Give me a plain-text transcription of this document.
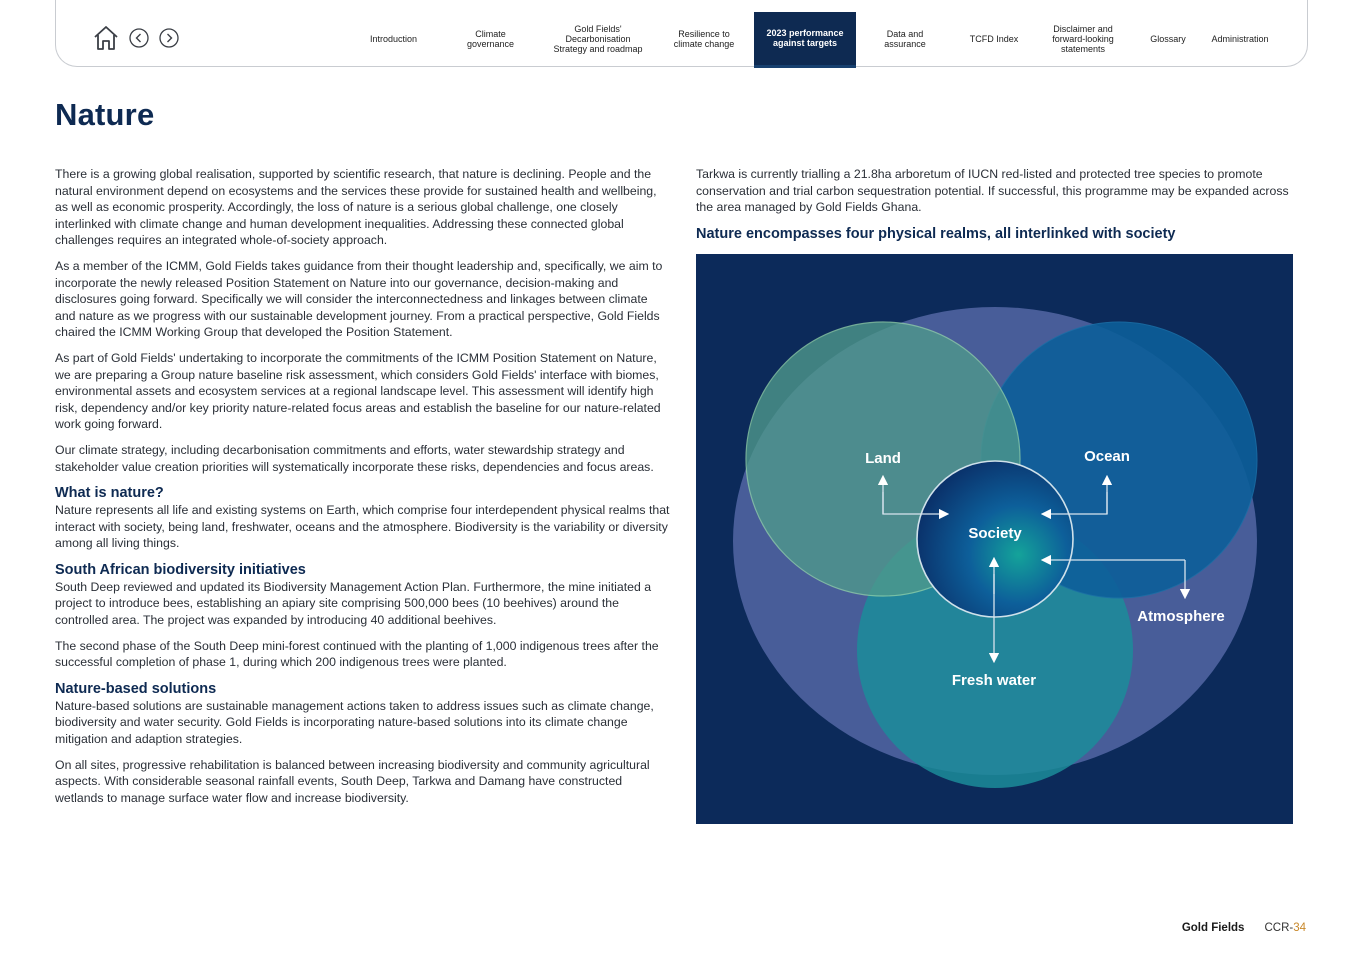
Introduction	Climate governance
Gold Fields' Decarbonisation Strategy and roadmap
Resilience to climate change
2023 performance against targets
Data and assurance	TCFD Index
Disclaimer and forward-looking statements
Glossary	Administration
Nature

There is a growing global realisation, supported by scientific research, that nature is declining. People and the natural environment depend on ecosystems and the services these provide for sustained health and wellbeing, as well as economic prosperity. Accordingly, the loss of nature is a serious global challenge, one closely interlinked with climate change and human development inequalities. Addressing these connected global challenges requires an integrated whole-of-society approach.

As a member of the ICMM, Gold Fields takes guidance from their thought leadership and, specifically, we aim to incorporate the newly released Position Statement on Nature into our governance, decision-making and disclosures going forward. Specifically we will consider the interconnectedness and linkages between climate and nature as we progress with our sustainable development journey. From a practical perspective, Gold Fields chaired the ICMM Working Group that developed the Position Statement.

As part of Gold Fields' undertaking to incorporate the commitments of the ICMM Position Statement on Nature, we are preparing a Group nature baseline risk assessment, which considers Gold Fields' interface with biomes, environmental assets and ecosystem services at a regional landscape level. This assessment will identify high risk, dependency and/or key priority nature-related focus areas and establish the baseline for our nature-related work going forward.

Our climate strategy, including decarbonisation commitments and efforts, water stewardship strategy and stakeholder value creation priorities will systematically incorporate these risks, dependencies and focus areas.

What is nature?

Nature represents all life and existing systems on Earth, which comprise four interdependent physical realms that interact with society, being land, freshwater, oceans and the atmosphere. Biodiversity is the variability or diversity among all living things.

South African biodiversity initiatives

South Deep reviewed and updated its Biodiversity Management Action Plan. Furthermore, the mine initiated a project to introduce bees, establishing an apiary site comprising 500,000 bees (10 beehives) around the controlled area. The project was expanded by introducing 40 additional beehives.

The second phase of the South Deep mini-forest continued with the planting of 1,000 indigenous trees after the successful completion of phase 1, during which 200 indigenous trees were planted.

Nature-based solutions

Nature-based solutions are sustainable management actions taken to address issues such as climate change, biodiversity and water security. Gold Fields is incorporating nature-based solutions into its climate change mitigation and adaption strategies.

On all sites, progressive rehabilitation is balanced between increasing biodiversity and community agricultural aspects. With considerable seasonal rainfall events, South Deep, Tarkwa and Damang have constructed wetlands to manage surface water flow and increase biodiversity.

Tarkwa is currently trialling a 21.8ha arboretum of IUCN red-listed and protected tree species to promote conservation and trial carbon sequestration potential. If successful, this programme may be expanded across the area managed by Gold Fields Ghana.

Nature encompasses four physical realms, all interlinked with society
Land	Ocean
Society
Atmosphere
Fresh water
Gold Fields CCR-34
